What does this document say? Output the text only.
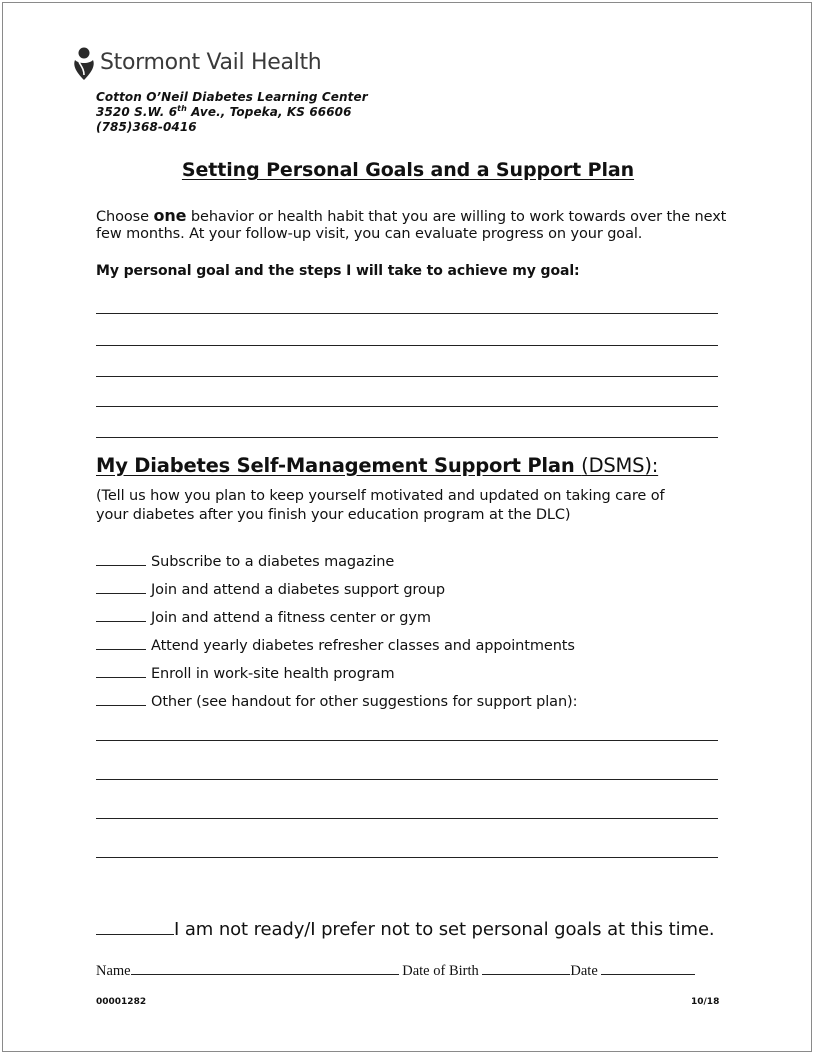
Stormont Vail Health
Cotton O’Neil Diabetes Learning Center
3520 S.W. 6th Ave., Topeka, KS 66606
(785)368-0416
Setting Personal Goals and a Support Plan
Choose one behavior or health habit that you are willing to work towards over the next
few months. At your follow-up visit, you can evaluate progress on your goal.
My personal goal and the steps I will take to achieve my goal:
My Diabetes Self-Management Support Plan (DSMS):
(Tell us how you plan to keep yourself motivated and updated on taking care of
your diabetes after you finish your education program at the DLC)
Subscribe to a diabetes magazine
Join and attend a diabetes support group
Join and attend a fitness center or gym
Attend yearly diabetes refresher classes and appointments
Enroll in work-site health program
Other (see handout for other suggestions for support plan):
I am not ready/I prefer not to set personal goals at this time.
Name	Date of Birth	Date
00001282	10/18
